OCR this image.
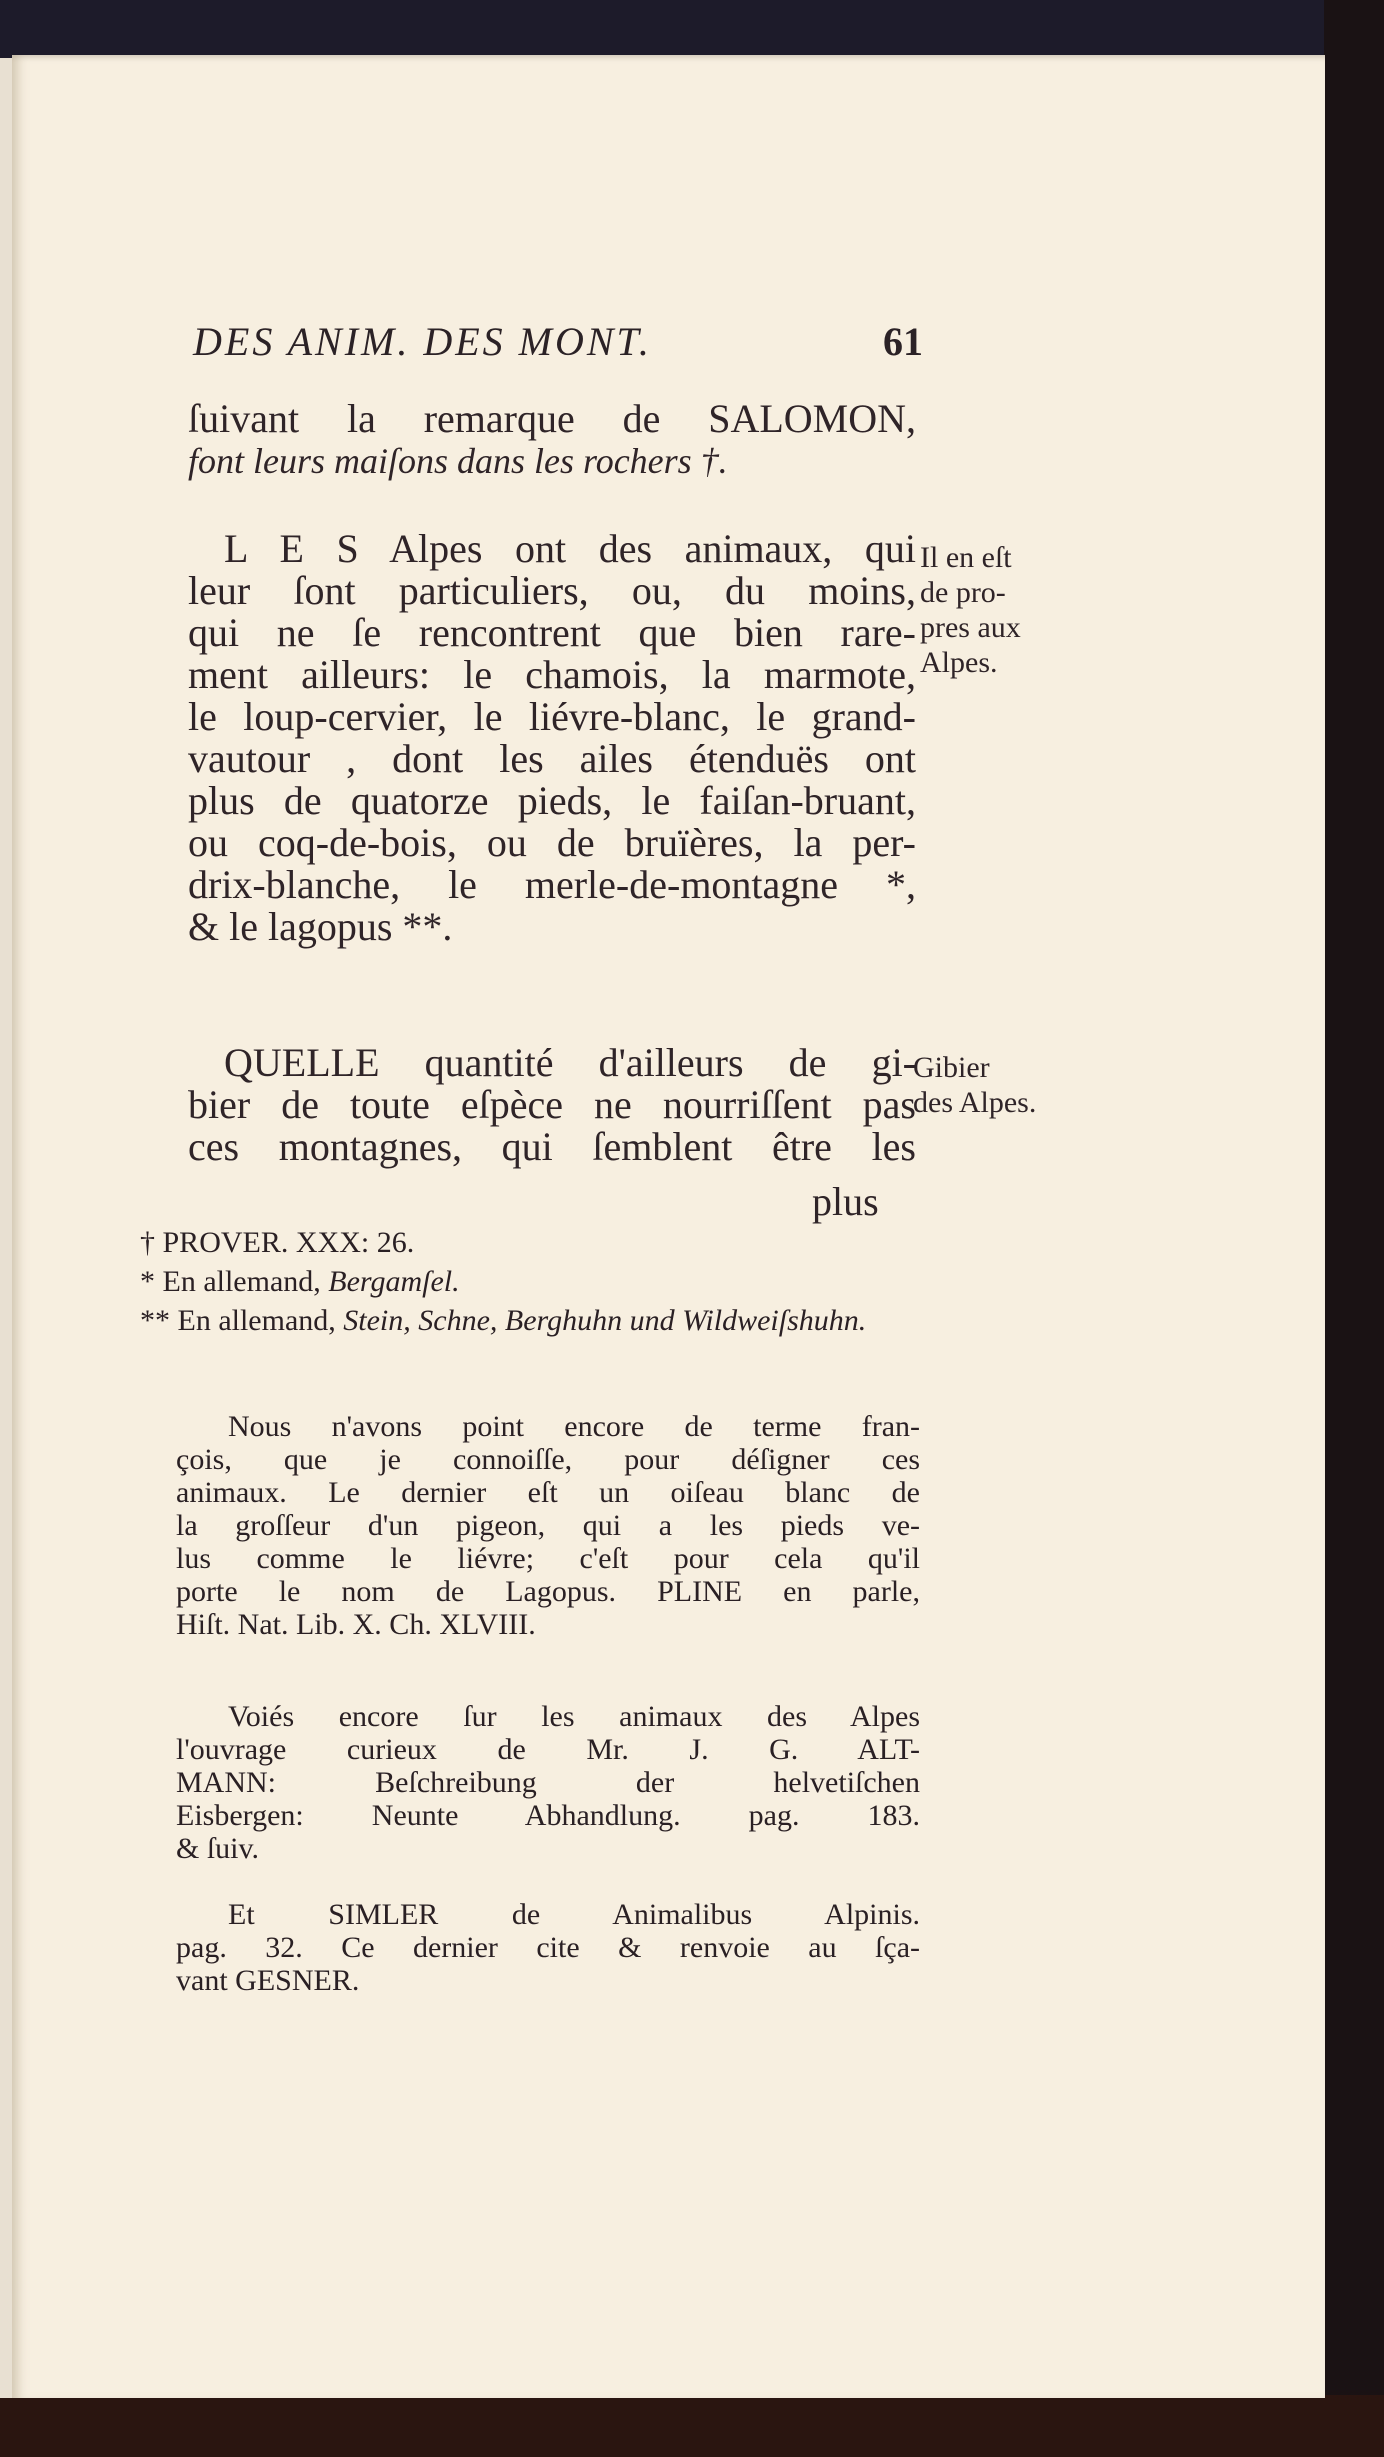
DES ANIM. DES MONT.	61
ſuivant la remarque de SALOMON,
font leurs maiſons dans les rochers †.
L E S Alpes ont des animaux, qui
leur ſont particuliers, ou, du moins,
qui ne ſe rencontrent que bien rare-
ment ailleurs: le chamois, la marmote,
le loup-cervier, le liévre-blanc, le grand-
vautour , dont les ailes étenduës ont
plus de quatorze pieds, le faiſan-bruant,
ou coq-de-bois, ou de bruïères, la per-
drix-blanche, le merle-de-montagne *,
& le lagopus **.
Il en eſt
de pro-
pres aux
Alpes.
QUELLE quantité d'ailleurs de gi-
bier de toute eſpèce ne nourriſſent pas
ces montagnes, qui ſemblent être les
Gibier
des Alpes.
plus

† PROVER. XXX: 26.

* En allemand, Bergamſel.

** En allemand, Stein, Schne, Berghuhn und Wildweiſshuhn.

Nous n'avons point encore de terme fran-
çois, que je connoiſſe, pour déſigner ces
animaux. Le dernier eſt un oiſeau blanc de
la groſſeur d'un pigeon, qui a les pieds ve-
lus comme le liévre; c'eſt pour cela qu'il
porte le nom de Lagopus. PLINE en parle,
Hiſt. Nat. Lib. X. Ch. XLVIII.
Voiés encore ſur les animaux des Alpes
l'ouvrage curieux de Mr. J. G. ALT-
MANN: Beſchreibung der helvetiſchen
Eisbergen: Neunte Abhandlung. pag. 183.
& ſuiv.
Et SIMLER de Animalibus Alpinis.
pag. 32. Ce dernier cite & renvoie au ſça-
vant GESNER.
